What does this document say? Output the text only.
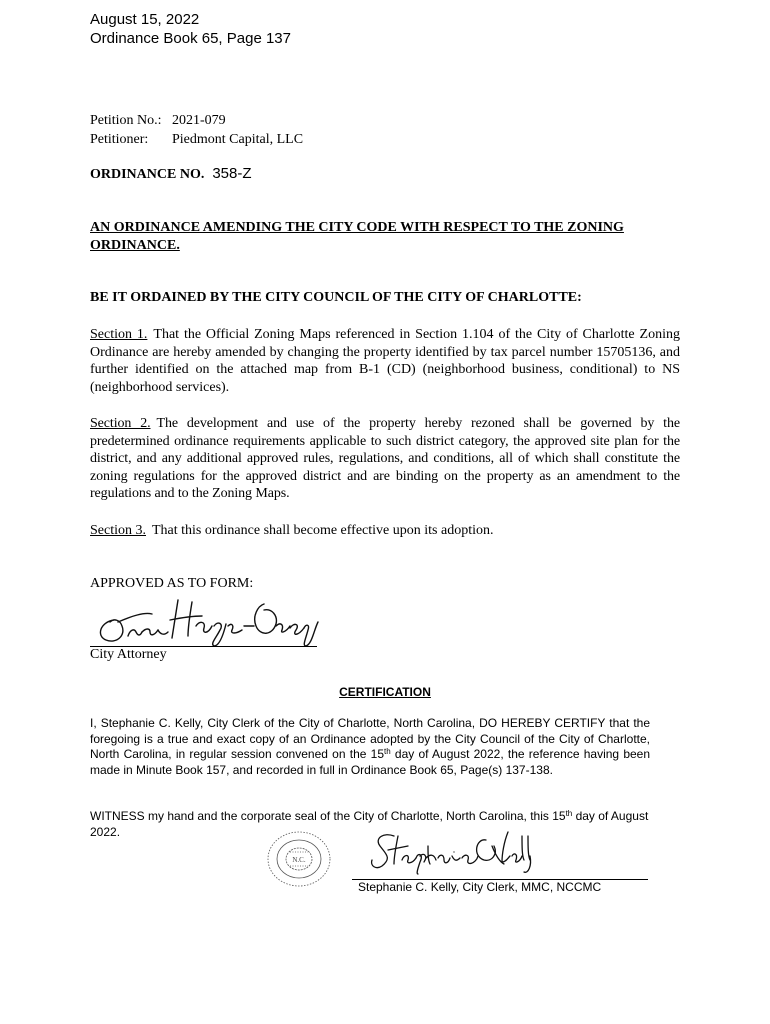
August 15, 2022
Ordinance Book 65, Page 137
Petition No.: 2021-079
Petitioner: Piedmont Capital, LLC
ORDINANCE NO. 358-Z
AN ORDINANCE AMENDING THE CITY CODE WITH RESPECT TO THE ZONING ORDINANCE.
BE IT ORDAINED BY THE CITY COUNCIL OF THE CITY OF CHARLOTTE:
Section 1. That the Official Zoning Maps referenced in Section 1.104 of the City of Charlotte Zoning Ordinance are hereby amended by changing the property identified by tax parcel number 15705136, and further identified on the attached map from B-1 (CD) (neighborhood business, conditional) to NS (neighborhood services).
Section 2. The development and use of the property hereby rezoned shall be governed by the predetermined ordinance requirements applicable to such district category, the approved site plan for the district, and any additional approved rules, regulations, and conditions, all of which shall constitute the zoning regulations for the approved district and are binding on the property as an amendment to the regulations and to the Zoning Maps.
Section 3. That this ordinance shall become effective upon its adoption.
APPROVED AS TO FORM:
City Attorney
CERTIFICATION
I, Stephanie C. Kelly, City Clerk of the City of Charlotte, North Carolina, DO HEREBY CERTIFY that the foregoing is a true and exact copy of an Ordinance adopted by the City Council of the City of Charlotte, North Carolina, in regular session convened on the 15th day of August 2022, the reference having been made in Minute Book 157, and recorded in full in Ordinance Book 65, Page(s) 137-138.
WITNESS my hand and the corporate seal of the City of Charlotte, North Carolina, this 15th day of August 2022.
N.C.
Stephanie C. Kelly, City Clerk, MMC, NCCMC
